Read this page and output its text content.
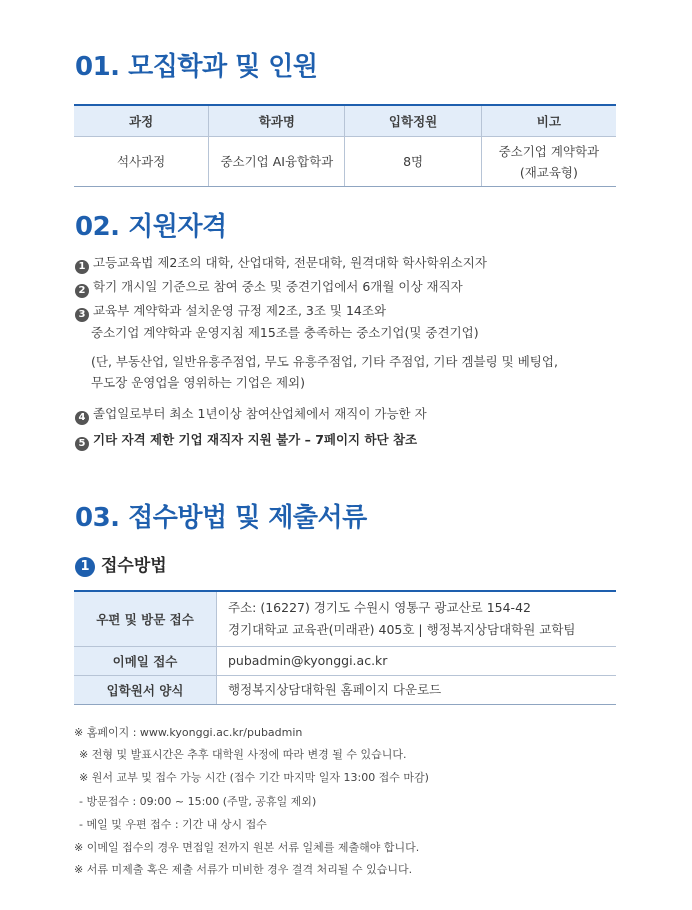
01. 모집학과 및 인원
과정	학과명	입학정원	비고
석사과정	중소기업 AI융합학과	8명	중소기업 계약학과
(재교육형)
02. 지원자격
1 고등교육법 제2조의 대학, 산업대학, 전문대학, 원격대학 학사학위소지자
2 학기 개시일 기준으로 참여 중소 및 중견기업에서 6개월 이상 재직자
3 교육부 계약학과 설치운영 규정 제2조, 3조 및 14조와
중소기업 계약학과 운영지침 제15조를 충족하는 중소기업(및 중견기업)
(단, 부동산업, 일반유흥주점업, 무도 유흥주점업, 기타 주점업, 기타 겜블링 및 베팅업,
무도장 운영업을 영위하는 기업은 제외)
4 졸업일로부터 최소 1년이상 참여산업체에서 재직이 가능한 자
5 기타 자격 제한 기업 재직자 지원 불가 – 7페이지 하단 참조
03. 접수방법 및 제출서류
1 접수방법
우편 및 방문 접수	주소: (16227) 경기도 수원시 영통구 광교산로 154-42
경기대학교 교육관(미래관) 405호 | 행정복지상담대학원 교학팀

이메일 접수	pubadmin@kyonggi.ac.kr
입학원서 양식	행정복지상담대학원 홈페이지 다운로드
※ 홈페이지 : www.kyonggi.ac.kr/pubadmin
※ 전형 및 발표시간은 추후 대학원 사정에 따라 변경 될 수 있습니다.
※ 원서 교부 및 접수 가능 시간 (접수 기간 마지막 일자 13:00 접수 마감)
- 방문접수 : 09:00 ~ 15:00 (주말, 공휴일 제외)
- 메일 및 우편 접수 : 기간 내 상시 접수
※ 이메일 접수의 경우 면접일 전까지 원본 서류 일체를 제출해야 합니다.
※ 서류 미제출 혹은 제출 서류가 미비한 경우 결격 처리될 수 있습니다.
